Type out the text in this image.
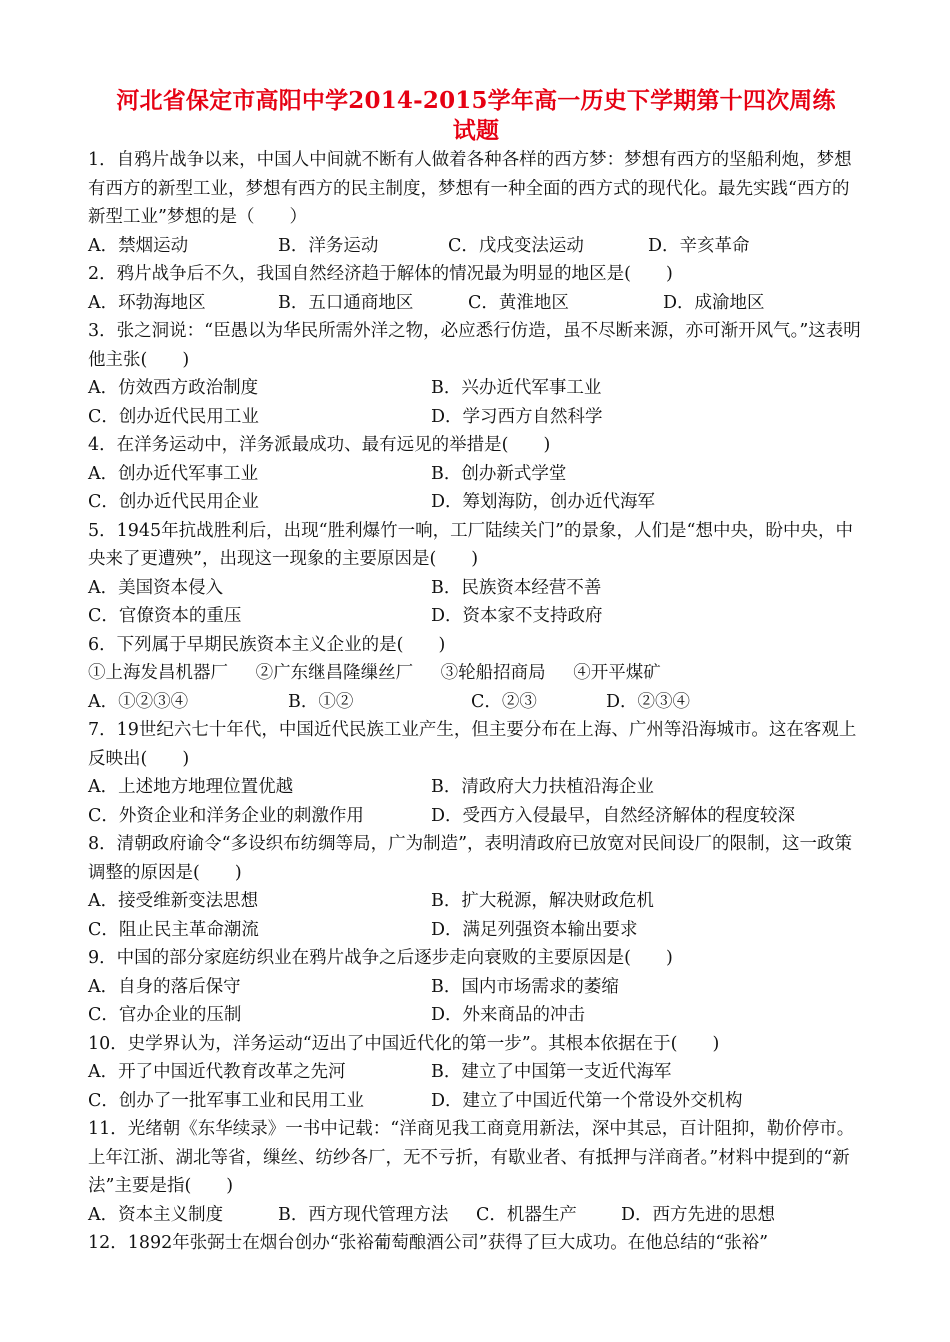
河北省保定市高阳中学2014-2015学年高一历史下学期第十四次周练
试题

1．自鸦片战争以来，中国人中间就不断有人做着各种各样的西方梦：梦想有西方的坚船利炮，梦想有西方的新型工业，梦想有西方的民主制度，梦想有一种全面的西方式的现代化。最先实践“西方的新型工业”梦想的是（　　）

A．禁烟运动	B．洋务运动	C．戊戌变法运动	D．辛亥革命

2．鸦片战争后不久，我国自然经济趋于解体的情况最为明显的地区是(　　)

A．环勃海地区	B．五口通商地区	C．黄淮地区	D．成渝地区

3．张之洞说：“臣愚以为华民所需外洋之物，必应悉行仿造，虽不尽断来源，亦可渐开风气。”这表明他主张(　　)

A．仿效西方政治制度	B．兴办近代军事工业
C．创办近代民用工业	D．学习西方自然科学

4．在洋务运动中，洋务派最成功、最有远见的举措是(　　)

A．创办近代军事工业	B．创办新式学堂
C．创办近代民用企业	D．筹划海防，创办近代海军

5．1945年抗战胜利后，出现“胜利爆竹一响，工厂陆续关门”的景象，人们是“想中央，盼中央，中央来了更遭殃”，出现这一现象的主要原因是(　　)

A．美国资本侵入	B．民族资本经营不善
C．官僚资本的重压	D．资本家不支持政府

6．下列属于早期民族资本主义企业的是(　　)

①上海发昌机器厂 ②广东继昌隆缫丝厂 ③轮船招商局 ④开平煤矿

A．①②③④	B．①②	C．②③	D．②③④

7．19世纪六七十年代，中国近代民族工业产生，但主要分布在上海、广州等沿海城市。这在客观上反映出(　　)

A．上述地方地理位置优越	B．清政府大力扶植沿海企业
C．外资企业和洋务企业的刺激作用	D．受西方入侵最早，自然经济解体的程度较深

8．清朝政府谕令“多设织布纺绸等局，广为制造”，表明清政府已放宽对民间设厂的限制，这一政策调整的原因是(　　)

A．接受维新变法思想	B．扩大税源，解决财政危机
C．阻止民主革命潮流	D．满足列强资本输出要求

9．中国的部分家庭纺织业在鸦片战争之后逐步走向衰败的主要原因是(　　)

A．自身的落后保守	B．国内市场需求的萎缩
C．官办企业的压制	D．外来商品的冲击

10．史学界认为，洋务运动“迈出了中国近代化的第一步”。其根本依据在于(　　)

A．开了中国近代教育改革之先河	B．建立了中国第一支近代海军
C．创办了一批军事工业和民用工业	D．建立了中国近代第一个常设外交机构

11．光绪朝《东华续录》一书中记载：“洋商见我工商竟用新法，深中其忌，百计阻抑，勒价停市。上年江浙、湖北等省，缫丝、纺纱各厂，无不亏折，有歇业者、有抵押与洋商者。”材料中提到的“新法”主要是指(　　)

A．资本主义制度	B．西方现代管理方法	C．机器生产	D．西方先进的思想

12．1892年张弼士在烟台创办“张裕葡萄酿酒公司”获得了巨大成功。在他总结的“张裕”
